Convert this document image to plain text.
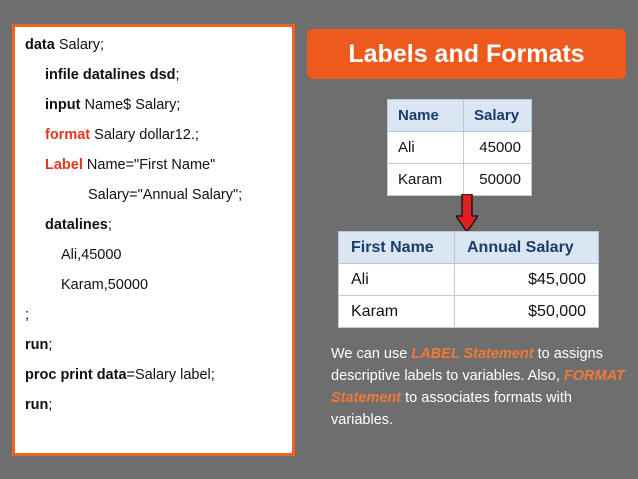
data Salary;
infile datalines dsd;
input Name$ Salary;
format Salary dollar12.;
Label Name="First Name"
Salary="Annual Salary";
datalines;
Ali,45000
Karam,50000
;
run;
proc print data=Salary label;
run;
Labels and Formats
Name	Salary
Ali	45000
Karam	50000
First Name	Annual Salary
Ali	$45,000
Karam	$50,000
We can use LABEL Statement to assigns descriptive labels to variables. Also, FORMAT Statement to associates formats with variables.
